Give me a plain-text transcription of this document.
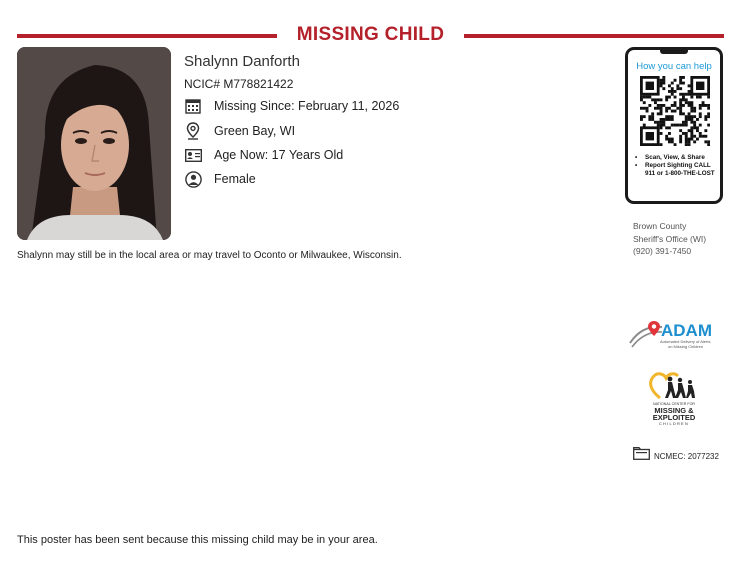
MISSING CHILD
Shalynn Danforth
NCIC# M778821422
Missing Since: February 11, 2026
Green Bay, WI
Age Now: 17 Years Old
Female
Shalynn may still be in the local area or may travel to Oconto or Milwaukee, Wisconsin.
How you can help
• Scan, View, & Share
• Report Sighting CALL 911 or 1-800-THE-LOST
Brown County
Sheriff's Office (WI)
(920) 391-7450
ADAM
Automated Delivery of Alerts
on Missing Children
NATIONAL CENTER FOR
MISSING &
EXPLOITED
CHILDREN
NCMEC: 2077232
This poster has been sent because this missing child may be in your area.
